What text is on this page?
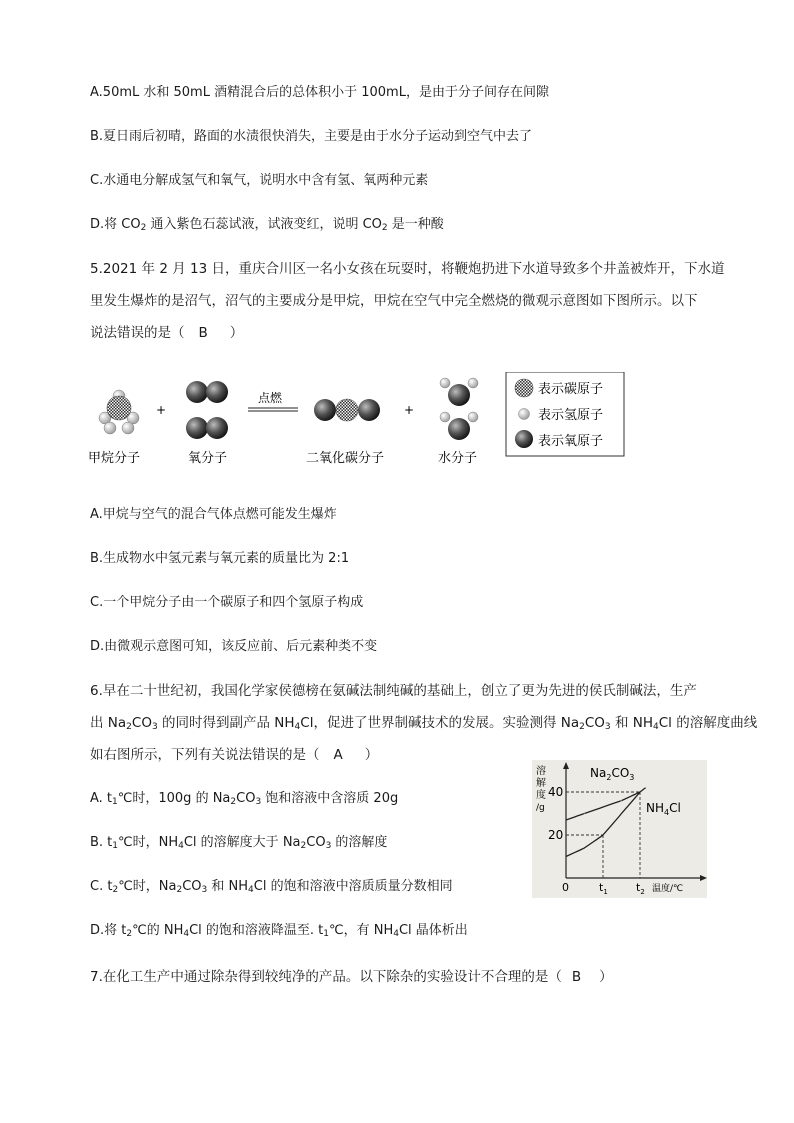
A.50mL 水和 50mL 酒精混合后的总体积小于 100mL，是由于分子间存在间隙
B.夏日雨后初晴，路面的水渍很快消失，主要是由于水分子运动到空气中去了
C.水通电分解成氢气和氧气，说明水中含有氢、氧两种元素
D.将 $CO_2$ 通入紫色石蕊试液，试液变红，说明 $CO_2$ 是一种酸
5.2021 年 2 月 13 日，重庆合川区一名小女孩在玩耍时，将鞭炮扔进下水道导致多个井盖被炸开，下水道
里发生爆炸的是沼气，沼气的主要成分是甲烷，甲烷在空气中完全燃烧的微观示意图如下图所示。以下
说法错误的是（ B ）
甲烷分子
+
氧分子
点燃
二氧化碳分子
+
水分子
表示碳原子
表示氢原子
表示氧原子
A.甲烷与空气的混合气体点燃可能发生爆炸
B.生成物水中氢元素与氧元素的质量比为 2:1
C.一个甲烷分子由一个碳原子和四个氢原子构成
D.由微观示意图可知，该反应前、后元素种类不变
6.早在二十世纪初，我国化学家侯德榜在氨碱法制纯碱的基础上，创立了更为先进的侯氏制碱法，生产
出 $Na_2CO_3$ 的同时得到副产品 $NH_4Cl$，促进了世界制碱技术的发展。实验测得 $Na_2CO_3$ 和 $NH_4Cl$ 的溶解度曲线
如右图所示，下列有关说法错误的是（ A ）
A. $t_1℃$时，100g 的 $Na_2CO_3$ 饱和溶液中含溶质 20g
B. $t_1℃$时，$NH_4Cl$ 的溶解度大于 $Na_2CO_3$ 的溶解度
C. $t_2℃$时，$Na_2CO_3$ 和 $NH_4Cl$ 的饱和溶液中溶质质量分数相同
D.将 $t_2℃$的 $NH_4Cl$ 的饱和溶液降温至. $t_1℃$，有 $NH_4Cl$ 晶体析出
溶
解
度
/g
40
20
0	$t_1$	$t_2$ 温度/℃
$Na_2CO_3$
$NH_4Cl$
7.在化工生产中通过除杂得到较纯净的产品。以下除杂的实验设计不合理的是（ B ）
